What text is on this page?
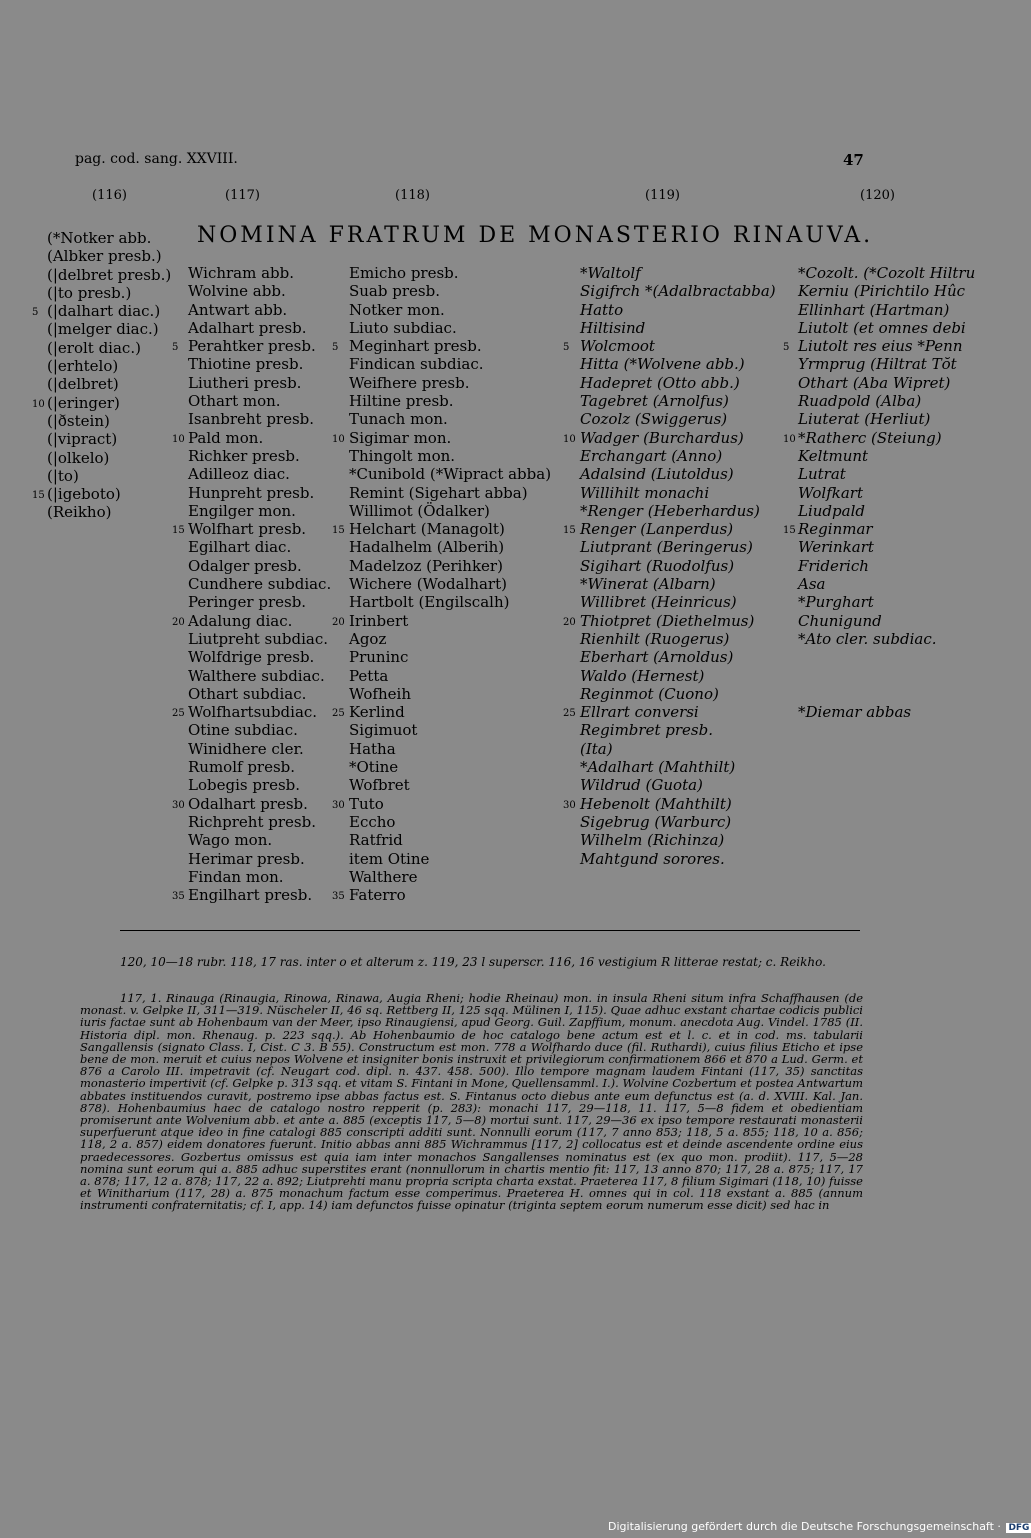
pag. cod. sang. XXVIII.	47
(116)	(117)	(118)	(119)	(120)
NOMINA FRATRUM DE MONASTERIO RINAUVA.
(*Notker abb.
(Albker presb.)
(|delbret presb.)
(|to presb.)
(|dalhart diac.)
(|melger diac.)
(|erolt diac.)
(|erhtelo)
(|delbret)
(|eringer)
(|ðstein)
(|vipract)
(|olkelo)
(|to)
(|igeboto)
(Reikho)
Wichram abb.
Wolvine abb.
Antwart abb.
Adalhart presb.
Perahtker presb.
Thiotine presb.
Liutheri presb.
Othart mon.
Isanbreht presb.
Pald mon.
Richker presb.
Adilleoz diac.
Hunpreht presb.
Engilger mon.
Wolfhart presb.
Egilhart diac.
Odalger presb.
Cundhere subdiac.
Peringer presb.
Adalung diac.
Liutpreht subdiac.
Wolfdrige presb.
Walthere subdiac.
Othart subdiac.
Wolfhartsubdiac.
Otine subdiac.
Winidhere cler.
Rumolf presb.
Lobegis presb.
Odalhart presb.
Richpreht presb.
Wago mon.
Herimar presb.
Findan mon.
Engilhart presb.
Emicho presb.
Suab presb.
Notker mon.
Liuto subdiac.
Meginhart presb.
Findican subdiac.
Weifhere presb.
Hiltine presb.
Tunach mon.
Sigimar mon.
Thingolt mon.
*Cunibold (*Wipract abba)
Remint (Sigehart abba)
Willimot (Ödalker)
Helchart (Managolt)
Hadalhelm (Alberih)
Madelzoz (Perihker)
Wichere (Wodalhart)
Hartbolt (Engilscalh)
Irinbert
Agoz
Pruninc
Petta
Wofheih
Kerlind
Sigimuot
Hatha
*Otine
Wofbret
Tuto
Eccho
Ratfrid
item Otine
Walthere
Faterro
*Waltolf
Sigifrch *(Adalbractabba)
Hatto
Hiltisind
Wolcmoot
Hitta (*Wolvene abb.)
Hadepret (Otto abb.)
Tagebret (Arnolfus)
Cozolz (Swiggerus)
Wadger (Burchardus)
Erchangart (Anno)
Adalsind (Liutoldus)
Willihilt monachi
*Renger (Heberhardus)
Renger (Lanperdus)
Liutprant (Beringerus)
Sigihart (Ruodolfus)
*Winerat (Albarn)
Willibret (Heinricus)
Thiotpret (Diethelmus)
Rienhilt (Ruogerus)
Eberhart (Arnoldus)
Waldo (Hernest)
Reginmot (Cuono)
Ellrart conversi
Regimbret presb.
(Ita)
*Adalhart (Mahthilt)
Wildrud (Guota)
Hebenolt (Mahthilt)
Sigebrug (Warburc)
Wilhelm (Richinza)
Mahtgund sorores.
*Cozolt. (*Cozolt Hiltru
Kerniu (Pirichtilo Hûc
Ellinhart (Hartman)
Liutolt (et omnes debi
Liutolt res eius *Penn
Yrmprug (Hiltrat Tŏt
Othart (Aba Wipret)
Ruadpold (Alba)
Liuterat (Herliut)
*Ratherc (Steiung)
Keltmunt
Lutrat
Wolfkart
Liudpald
Reginmar
Werinkart
Friderich
Asa
*Purghart
Chunigund
*Ato cler. subdiac.
*Diemar abbas
5
10
15
5
10
15
20
25
30
35
5
10
15
20
25
30
35
5
10
15
20
25
30
5
10
15
120, 10—18 rubr. 118, 17 ras. inter o et alterum z. 119, 23 l superscr. 116, 16 vestigium R litterae restat; c. Reikho.

117, 1. Rinauga (Rinaugia, Rinowa, Rinawa, Augia Rheni; hodie Rheinau) mon. in insula Rheni situm infra Schaffhausen (de monast. v. Gelpke II, 311—319. Nüscheler II, 46 sq. Rettberg II, 125 sqq. Mülinen I, 115). Quae adhuc exstant chartae codicis publici iuris factae sunt ab Hohenbaum van der Meer, ipso Rinaugiensi, apud Georg. Guil. Zapffium, monum. anecdota Aug. Vindel. 1785 (II. Historia dipl. mon. Rhenaug. p. 223 sqq.). Ab Hohenbaumio de hoc catalogo bene actum est et l. c. et in cod. ms. tabularii Sangallensis (signato Class. I, Cist. C 3. B 55). Constructum est mon. 778 a Wolfhardo duce (fil. Ruthardi), cuius filius Eticho et ipse bene de mon. meruit et cuius nepos Wolvene et insigniter bonis instruxit et privilegiorum confirmationem 866 et 870 a Lud. Germ. et 876 a Carolo III. impetravit (cf. Neugart cod. dipl. n. 437. 458. 500). Illo tempore magnam laudem Fintani (117, 35) sanctitas monasterio impertivit (cf. Gelpke p. 313 sqq. et vitam S. Fintani in Mone, Quellensamml. I.). Wolvine Cozbertum et postea Antwartum abbates instituendos curavit, postremo ipse abbas factus est. S. Fintanus octo diebus ante eum defunctus est (a. d. XVIII. Kal. Jan. 878). Hohenbaumius haec de catalogo nostro repperit (p. 283): monachi 117, 29—118, 11. 117, 5—8 fidem et obedientiam promiserunt ante Wolvenium abb. et ante a. 885 (exceptis 117, 5—8) mortui sunt. 117, 29—36 ex ipso tempore restaurati monasterii superfuerunt atque ideo in fine catalogi 885 conscripti additi sunt. Nonnulli eorum (117, 7 anno 853; 118, 5 a. 855; 118, 10 a. 856; 118, 2 a. 857) eidem donatores fuerunt. Initio abbas anni 885 Wichrammus [117, 2] collocatus est et deinde ascendente ordine eius praedecessores. Gozbertus omissus est quia iam inter monachos Sangallenses nominatus est (ex quo mon. prodiit). 117, 5—28 nomina sunt eorum qui a. 885 adhuc superstites erant (nonnullorum in chartis mentio fit: 117, 13 anno 870; 117, 28 a. 875; 117, 17 a. 878; 117, 12 a. 878; 117, 22 a. 892; Liutprehti manu propria scripta charta exstat. Praeterea 117, 8 filium Sigimari (118, 10) fuisse et Winitharium (117, 28) a. 875 monachum factum esse comperimus. Praeterea H. omnes qui in col. 118 exstant a. 885 (annum instrumenti confraternitatis; cf. I, app. 14) iam defunctos fuisse opinatur (triginta septem eorum numerum esse dicit) sed hac in

Digitalisierung gefördert durch die Deutsche Forschungsgemeinschaft · DFG
